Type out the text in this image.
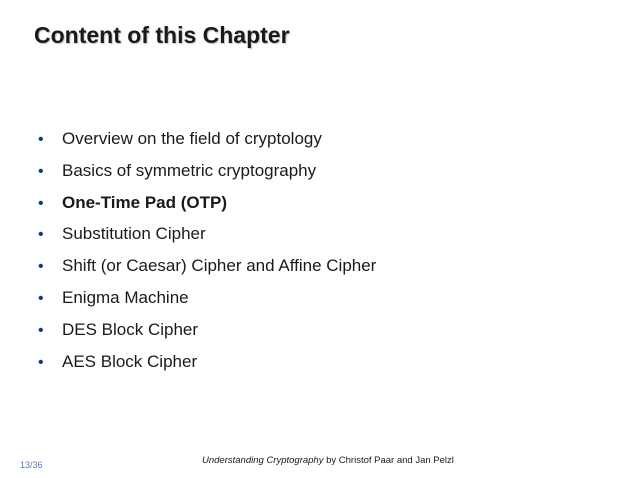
Content of this Chapter
•	Overview on the field of cryptology
•	Basics of symmetric cryptography
•	One-Time Pad (OTP)
•	Substitution Cipher
•	Shift (or Caesar) Cipher and Affine Cipher
•	Enigma Machine
•	DES Block Cipher
•	AES Block Cipher
13/36	Understanding Cryptography by Christof Paar and Jan Pelzl
